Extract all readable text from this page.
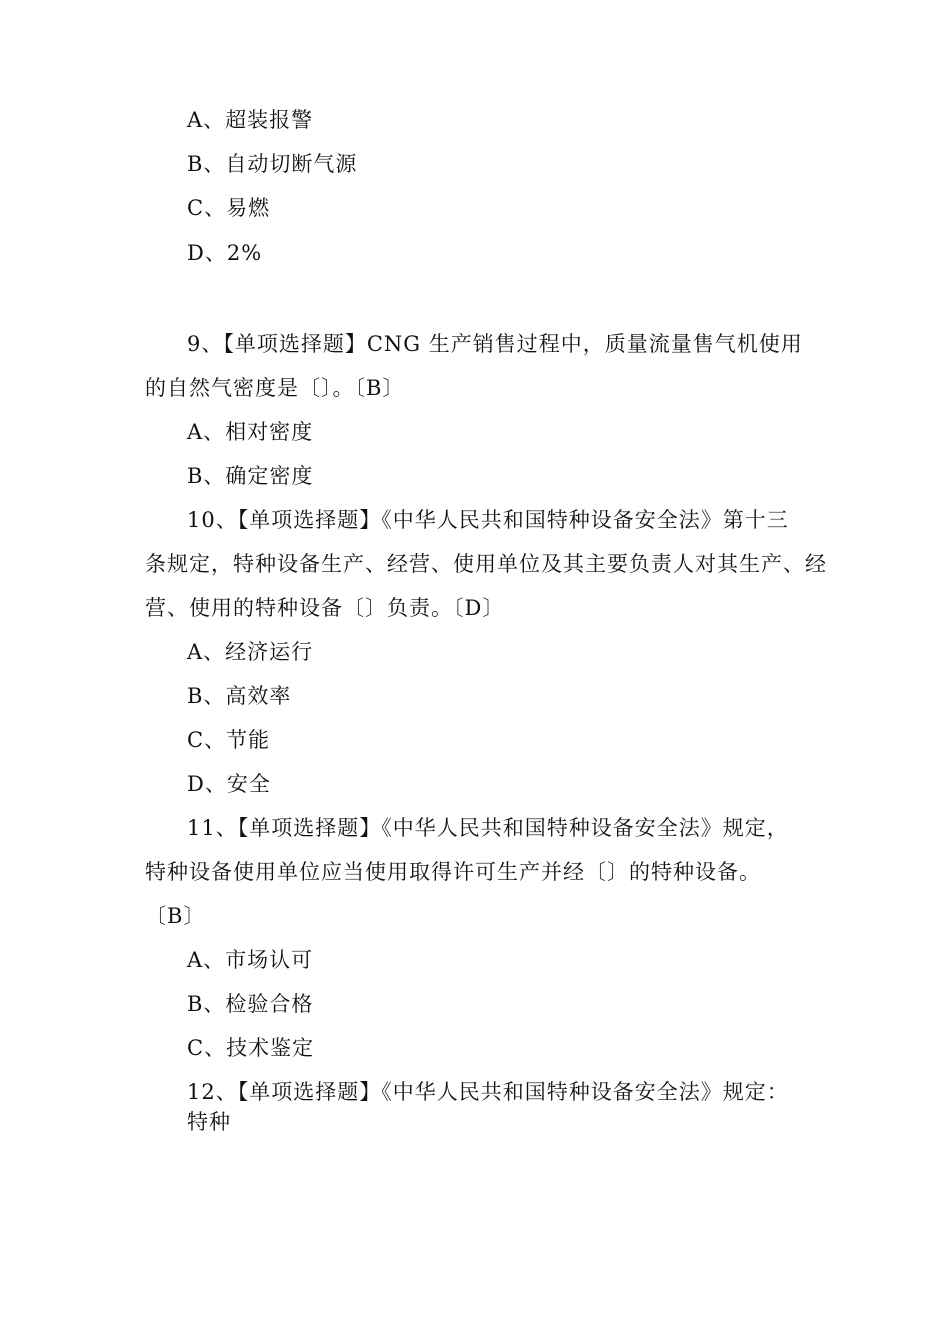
A、超装报警
B、自动切断气源
C、易燃
D、2%
9、【单项选择题】CNG 生产销售过程中，质量流量售气机使用
的自然气密度是〔〕。〔B〕
A、相对密度
B、确定密度
10、【单项选择题】《中华人民共和国特种设备安全法》第十三
条规定，特种设备生产、经营、使用单位及其主要负责人对其生产、经
营、使用的特种设备〔〕负责。〔D〕
A、经济运行
B、高效率
C、节能
D、安全
11、【单项选择题】《中华人民共和国特种设备安全法》规定，
特种设备使用单位应当使用取得许可生产并经〔〕的特种设备。
〔B〕
A、市场认可
B、检验合格
C、技术鉴定
12、【单项选择题】《中华人民共和国特种设备安全法》规定：
特种
